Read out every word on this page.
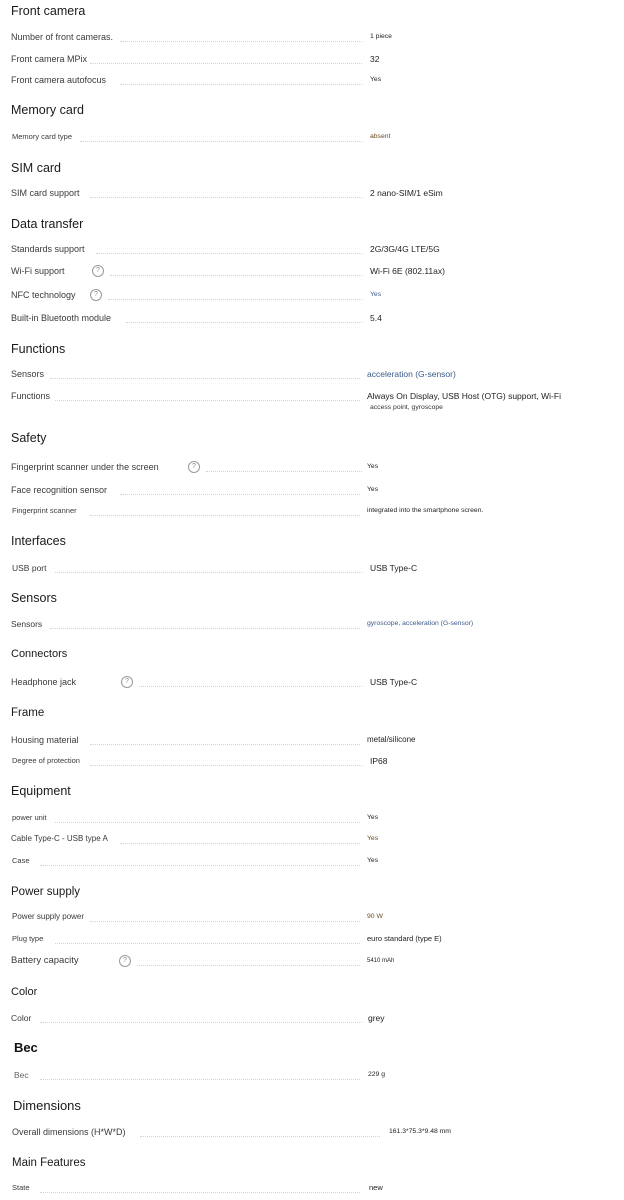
Front camera
Number of front cameras.	1 piece
Front camera MPix	32
Front camera autofocus	Yes
Memory card
Memory card type	absent
SIM card
SIM card support	2 nano-SIM/1 eSim
Data transfer
Standards support	2G/3G/4G LTE/5G
Wi-Fi support	?	Wi-Fi 6E (802.11ax)
NFC technology	?	Yes
Built-in Bluetooth module	5.4
Functions
Sensors	acceleration (G-sensor)
Functions	Always On Display, USB Host (OTG) support, Wi-Fi
access point, gyroscope
Safety
Fingerprint scanner under the screen	?	Yes
Face recognition sensor	Yes
Fingerprint scanner	integrated into the smartphone screen.
Interfaces
USB port	USB Type-C
Sensors
Sensors	gyroscope, acceleration (G-sensor)
Connectors
Headphone jack	?	USB Type-C
Frame
Housing material	metal/silicone
Degree of protection	IP68
Equipment
power unit	Yes
Cable Type-C - USB type A	Yes
Case	Yes
Power supply
Power supply power	90 W
Plug type	euro standard (type E)
Battery capacity	?	5410 mAh
Color
Color	grey
Вес
Вес	229 g
Dimensions
Overall dimensions (H*W*D)	161.3*75.3*9.48 mm
Main Features
State	new
